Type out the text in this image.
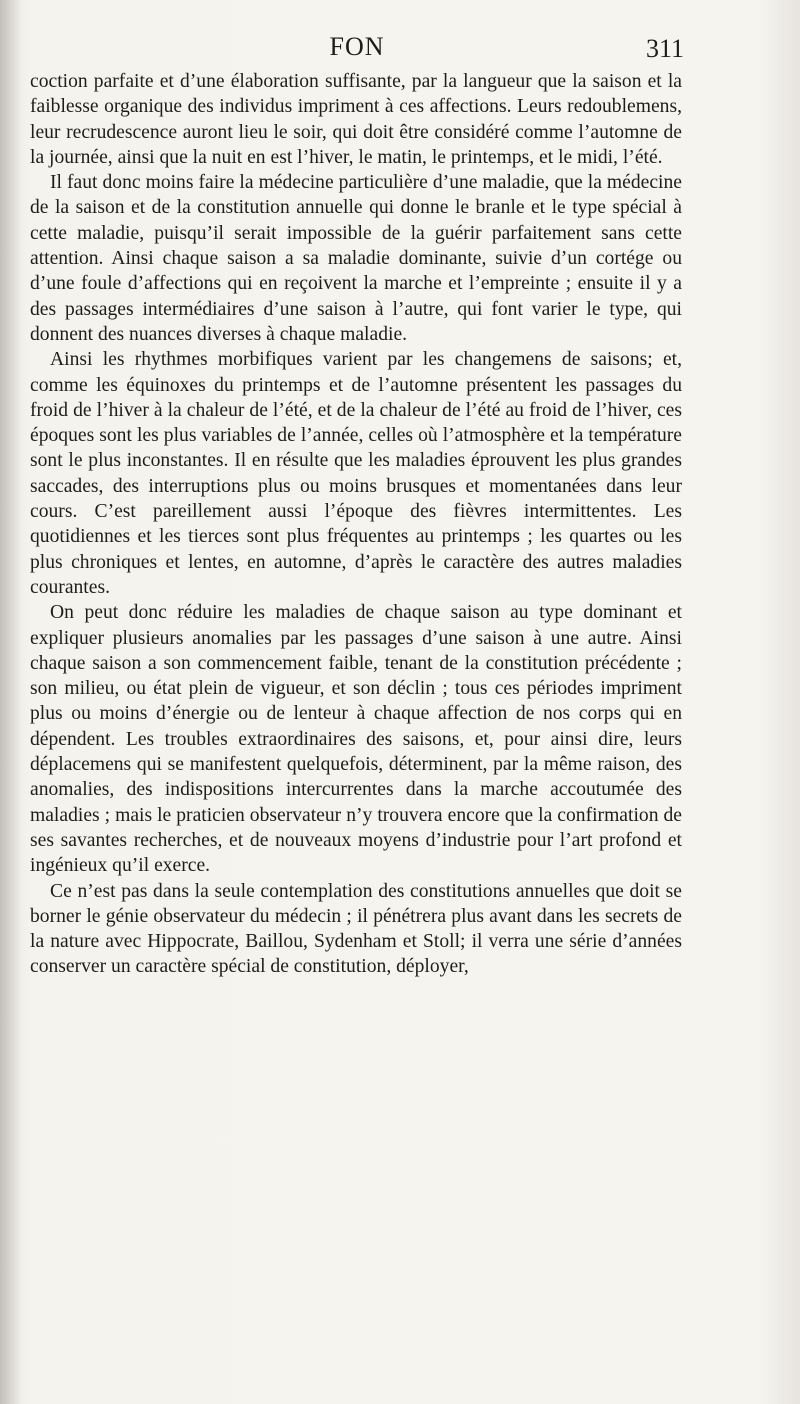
FON	311

coction parfaite et d’une élaboration suffisante, par la langueur que la saison et la faiblesse organique des individus impriment à ces affections. Leurs redoublemens, leur recrudescence auront lieu le soir, qui doit être considéré comme l’automne de la journée, ainsi que la nuit en est l’hiver, le matin, le printemps, et le midi, l’été.

Il faut donc moins faire la médecine particulière d’une maladie, que la médecine de la saison et de la constitution annuelle qui donne le branle et le type spécial à cette maladie, puisqu’il serait impossible de la guérir parfaitement sans cette attention. Ainsi chaque saison a sa maladie dominante, suivie d’un cortége ou d’une foule d’affections qui en reçoivent la marche et l’empreinte ; ensuite il y a des passages intermédiaires d’une saison à l’autre, qui font varier le type, qui donnent des nuances diverses à chaque maladie.

Ainsi les rhythmes morbifiques varient par les changemens de saisons; et, comme les équinoxes du printemps et de l’automne présentent les passages du froid de l’hiver à la chaleur de l’été, et de la chaleur de l’été au froid de l’hiver, ces époques sont les plus variables de l’année, celles où l’atmosphère et la température sont le plus inconstantes. Il en résulte que les maladies éprouvent les plus grandes saccades, des interruptions plus ou moins brusques et momentanées dans leur cours. C’est pareillement aussi l’époque des fièvres intermittentes. Les quotidiennes et les tierces sont plus fréquentes au printemps ; les quartes ou les plus chroniques et lentes, en automne, d’après le caractère des autres maladies courantes.

On peut donc réduire les maladies de chaque saison au type dominant et expliquer plusieurs anomalies par les passages d’une saison à une autre. Ainsi chaque saison a son commencement faible, tenant de la constitution précédente ; son milieu, ou état plein de vigueur, et son déclin ; tous ces périodes impriment plus ou moins d’énergie ou de lenteur à chaque affection de nos corps qui en dépendent. Les troubles extraordinaires des saisons, et, pour ainsi dire, leurs déplacemens qui se manifestent quelquefois, déterminent, par la même raison, des anomalies, des indispositions intercurrentes dans la marche accoutumée des maladies ; mais le praticien observateur n’y trouvera encore que la confirmation de ses savantes recherches, et de nouveaux moyens d’industrie pour l’art profond et ingénieux qu’il exerce.

Ce n’est pas dans la seule contemplation des constitutions annuelles que doit se borner le génie observateur du médecin ; il pénétrera plus avant dans les secrets de la nature avec Hippocrate, Baillou, Sydenham et Stoll; il verra une série d’années conserver un caractère spécial de constitution, déployer,
